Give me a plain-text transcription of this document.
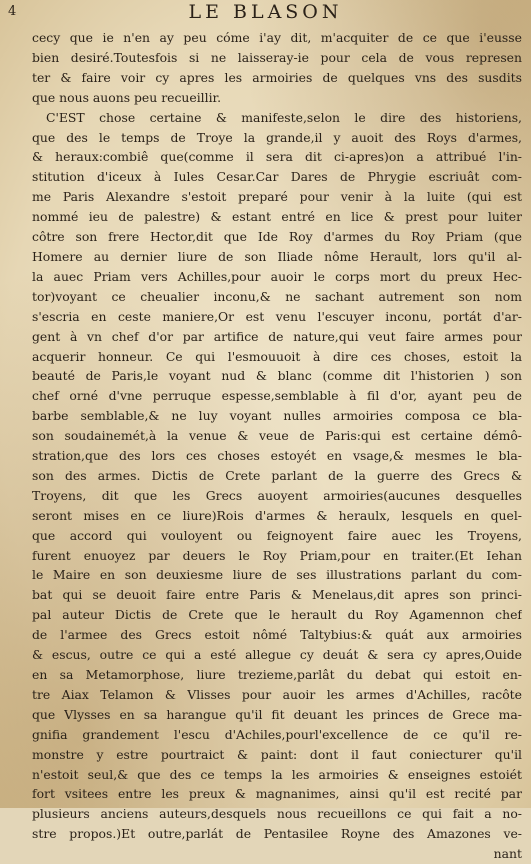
4	LE BLASON
cecy que ie n'en ay peu cóme i'ay dit, m'acquiter de ce que i'eusse
bien desiré.Toutesfois si ne laisseray-ie pour cela de vous represen
ter & faire voir cy apres les armoiries de quelques vns des susdits
que nous auons peu recueillir.
C'EST chose certaine & manifeste,selon le dire des historiens,
que des le temps de Troye la grande,il y auoit des Roys d'armes,
& heraux:combiê que(comme il sera dit ci-apres)on a attribué l'in-
stitution d'iceux à Iules Cesar.Car Dares de Phrygie escriuât com-
me Paris Alexandre s'estoit preparé pour venir à la luite (qui est
nommé ieu de palestre) & estant entré en lice & prest pour luiter
côtre son frere Hector,dit que Ide Roy d'armes du Roy Priam (que
Homere au dernier liure de son Iliade nôme Herault, lors qu'il al-
la auec Priam vers Achilles,pour auoir le corps mort du preux Hec-
tor)voyant ce cheualier inconu,& ne sachant autrement son nom
s'escria en ceste maniere,Or est venu l'escuyer inconu, portát d'ar-
gent à vn chef d'or par artifice de nature,qui veut faire armes pour
acquerir honneur. Ce qui l'esmouuoit à dire ces choses, estoit la
beauté de Paris,le voyant nud & blanc (comme dit l'historien ) son
chef orné d'vne perruque espesse,semblable à fil d'or, ayant peu de
barbe semblable,& ne luy voyant nulles armoiries composa ce bla-
son soudainemét,à la venue & veue de Paris:qui est certaine démô-
stration,que des lors ces choses estoyét en vsage,& mesmes le bla-
son des armes. Dictis de Crete parlant de la guerre des Grecs &
Troyens, dit que les Grecs auoyent armoiries(aucunes desquelles
seront mises en ce liure)Rois d'armes & heraulx, lesquels en quel-
que accord qui vouloyent ou feignoyent faire auec les Troyens,
furent enuoyez par deuers le Roy Priam,pour en traiter.(Et Iehan
le Maire en son deuxiesme liure de ses illustrations parlant du com-
bat qui se deuoit faire entre Paris & Menelaus,dit apres son princi-
pal auteur Dictis de Crete que le herault du Roy Agamennon chef
de l'armee des Grecs estoit nômé Taltybius:& quát aux armoiries
& escus, outre ce qui a esté allegue cy deuát & sera cy apres,Ouide
en sa Metamorphose, liure trezieme,parlât du debat qui estoit en-
tre Aiax Telamon & Vlisses pour auoir les armes d'Achilles, racôte
que Vlysses en sa harangue qu'il fit deuant les princes de Grece ma-
gnifia grandement l'escu d'Achiles,pourl'excellence de ce qu'il re-
monstre y estre pourtraict & paint: dont il faut coniecturer qu'il
n'estoit seul,& que des ce temps la les armoiries & enseignes estoiét
fort vsitees entre les preux & magnanimes, ainsi qu'il est recité par
plusieurs anciens auteurs,desquels nous recueillons ce qui fait a no-
stre propos.)Et outre,parlát de Pentasilee Royne des Amazones ve-
nant
